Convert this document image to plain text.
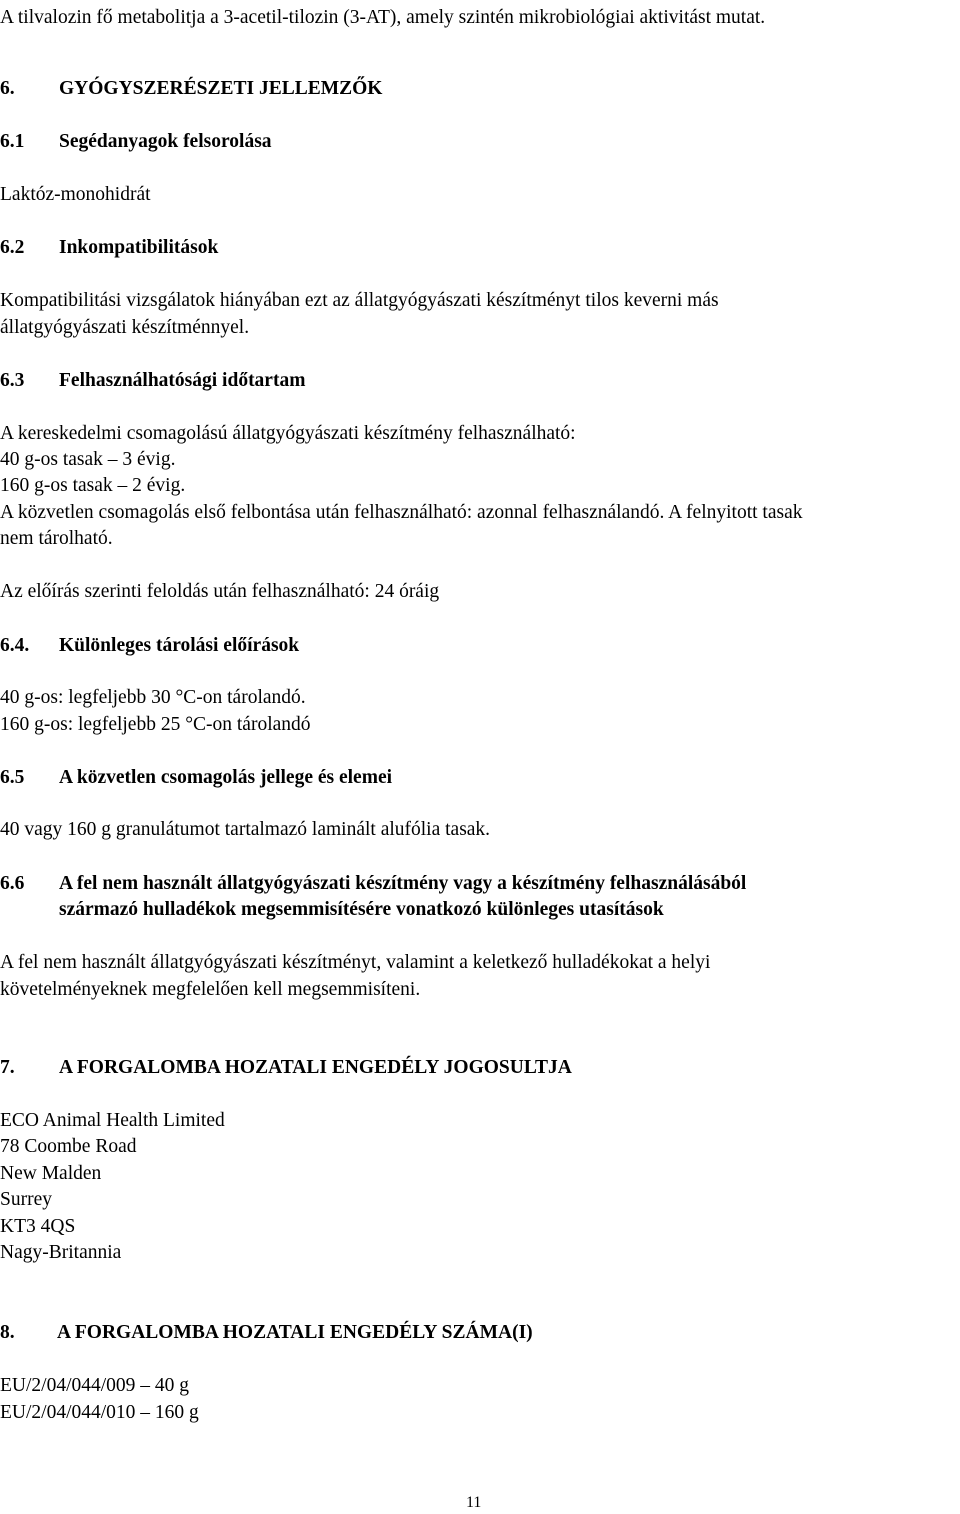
A tilvalozin fő metabolitja a 3-acetil-tilozin (3-AT), amely szintén mikrobiológiai aktivitást mutat.
6. GYÓGYSZERÉSZETI JELLEMZŐK
6.1 Segédanyagok felsorolása
Laktóz-monohidrát
6.2 Inkompatibilitások
Kompatibilitási vizsgálatok hiányában ezt az állatgyógyászati készítményt tilos keverni más
állatgyógyászati készítménnyel.
6.3 Felhasználhatósági időtartam
A kereskedelmi csomagolású állatgyógyászati készítmény felhasználható:
40 g-os tasak – 3 évig.
160 g-os tasak – 2 évig.
A közvetlen csomagolás első felbontása után felhasználható: azonnal felhasználandó. A felnyitott tasak
nem tárolható.
Az előírás szerinti feloldás után felhasználható: 24 óráig
6.4. Különleges tárolási előírások
40 g-os: legfeljebb 30 °C-on tárolandó.
160 g-os: legfeljebb 25 °C-on tárolandó
6.5 A közvetlen csomagolás jellege és elemei
40 vagy 160 g granulátumot tartalmazó laminált alufólia tasak.
6.6 A fel nem használt állatgyógyászati készítmény vagy a készítmény felhasználásából
származó hulladékok megsemmisítésére vonatkozó különleges utasítások
A fel nem használt állatgyógyászati készítményt, valamint a keletkező hulladékokat a helyi
követelményeknek megfelelően kell megsemmisíteni.
7. A FORGALOMBA HOZATALI ENGEDÉLY JOGOSULTJA
ECO Animal Health Limited
78 Coombe Road
New Malden
Surrey
KT3 4QS
Nagy-Britannia
8. A FORGALOMBA HOZATALI ENGEDÉLY SZÁMA(I)
EU/2/04/044/009 – 40 g
EU/2/04/044/010 – 160 g
11
